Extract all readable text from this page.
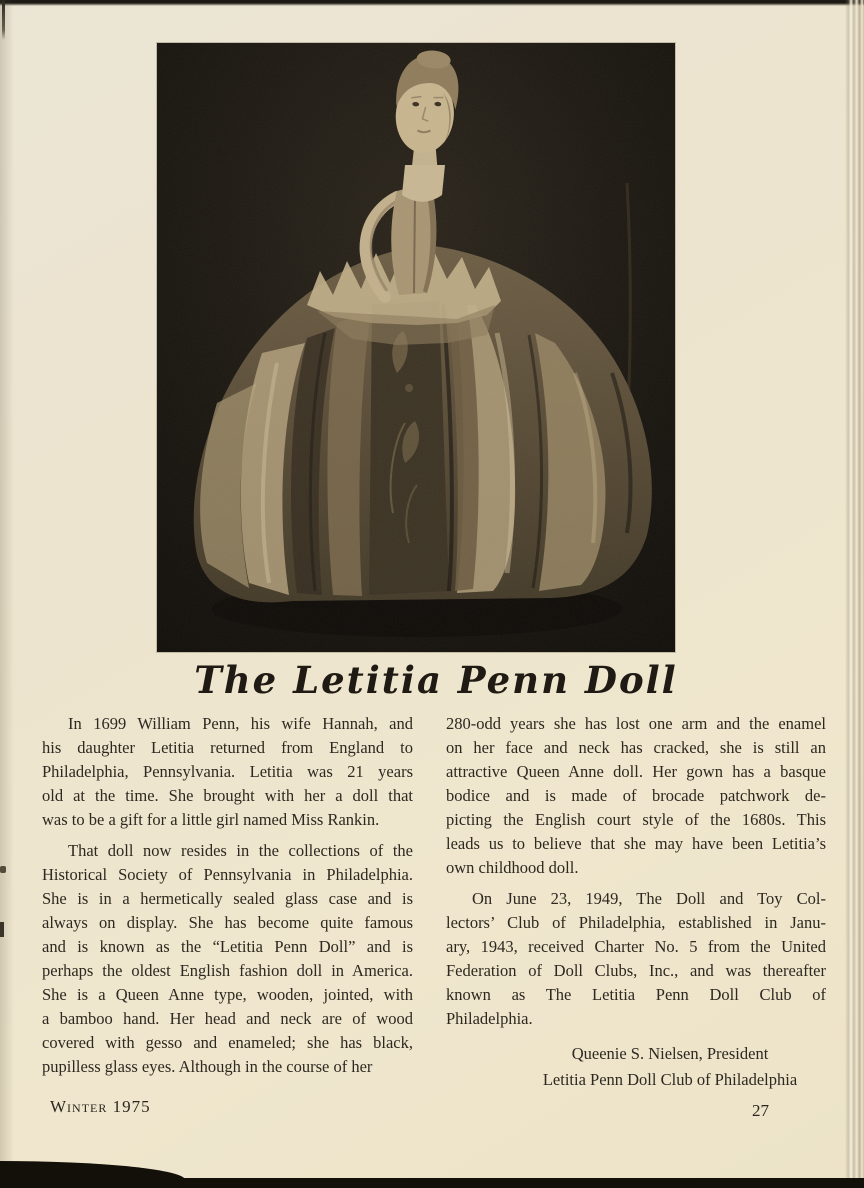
The Letitia Penn Doll
In 1699 William Penn, his wife Hannah, and
his daughter Letitia returned from England to
Philadelphia, Pennsylvania. Letitia was 21 years
old at the time. She brought with her a doll that
was to be a gift for a little girl named Miss Rankin.
That doll now resides in the collections of the
Historical Society of Pennsylvania in Philadelphia.
She is in a hermetically sealed glass case and is
always on display. She has become quite famous
and is known as the “Letitia Penn Doll” and is
perhaps the oldest English fashion doll in America.
She is a Queen Anne type, wooden, jointed, with
a bamboo hand. Her head and neck are of wood
covered with gesso and enameled; she has black,
pupilless glass eyes. Although in the course of her
280-odd years she has lost one arm and the enamel
on her face and neck has cracked, she is still an
attractive Queen Anne doll. Her gown has a basque
bodice and is made of brocade patchwork de-
picting the English court style of the 1680s. This
leads us to believe that she may have been Letitia’s
own childhood doll.
On June 23, 1949, The Doll and Toy Col-
lectors’ Club of Philadelphia, established in Janu-
ary, 1943, received Charter No. 5 from the United
Federation of Doll Clubs, Inc., and was thereafter
known as The Letitia Penn Doll Club of
Philadelphia.
Queenie S. Nielsen, President
Letitia Penn Doll Club of Philadelphia
Winter 1975	27
